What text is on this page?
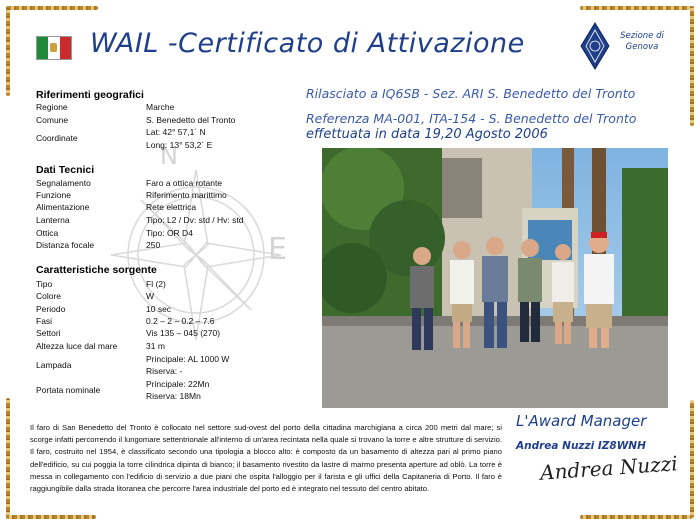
WAIL -Certificato di Attivazione	Sezione di Genova
N
E
Riferimenti geografici
Regione	Marche
Comune	S. Benedetto del Tronto
Coordinate
Lat: 42° 57,1´ N
Long: 13° 53,2´ E
Dati Tecnici
Segnalamento	Faro a ottica rotante
Funzione	Riferimento marittimo
Alimentazione	Rete elettrica
Lanterna	Tipo: L2 / Dv: std / Hv: std
Ottica	Tipo: OR D4
Distanza focale	250
Caratteristiche sorgente
Tipo	Fl (2)
Colore	W
Periodo	10 sec
Fasi	0.2 – 2 – 0.2 – 7.6
Settori	Vis 135 – 045 (270)
Altezza luce dal mare	31 m
Lampada
Principale: AL 1000 W
Riserva: -
Portata nominale
Principale: 22Mn
Riserva: 18Mn
Rilasciato a IQ6SB - Sez. ARI S. Benedetto del Tronto
Referenza MA-001, ITA-154 - S. Benedetto del Tronto
effettuata in data 19,20 Agosto 2006
Il faro di San Benedetto del Tronto è collocato nel settore sud-ovest del porto della cittadina marchigiana a circa 200 metri dal mare; si scorge infatti percorrendo il lungomare settentrionale all'interno di un'area recintata nella quale si trovano la torre e altre strutture di servizio. Il faro, costruito nel 1954, è classificato secondo una tipologia a blocco alto: è composto da un basamento di altezza pari al primo piano dell'edificio, su cui poggia la torre cilindrica dipinta di bianco; il basamento rivestito da lastre di marmo presenta aperture ad oblò. La torre è messa in collegamento con l'edificio di servizio a due piani che ospita l'alloggio per il farista e gli uffici della Capitaneria di Porto. Il faro è raggiungibile dalla strada litoranea che percorre l'area industriale del porto ed è integrato nel tessuto del centro abitato.
L'Award Manager
Andrea Nuzzi IZ8WNH
Andrea Nuzzi
